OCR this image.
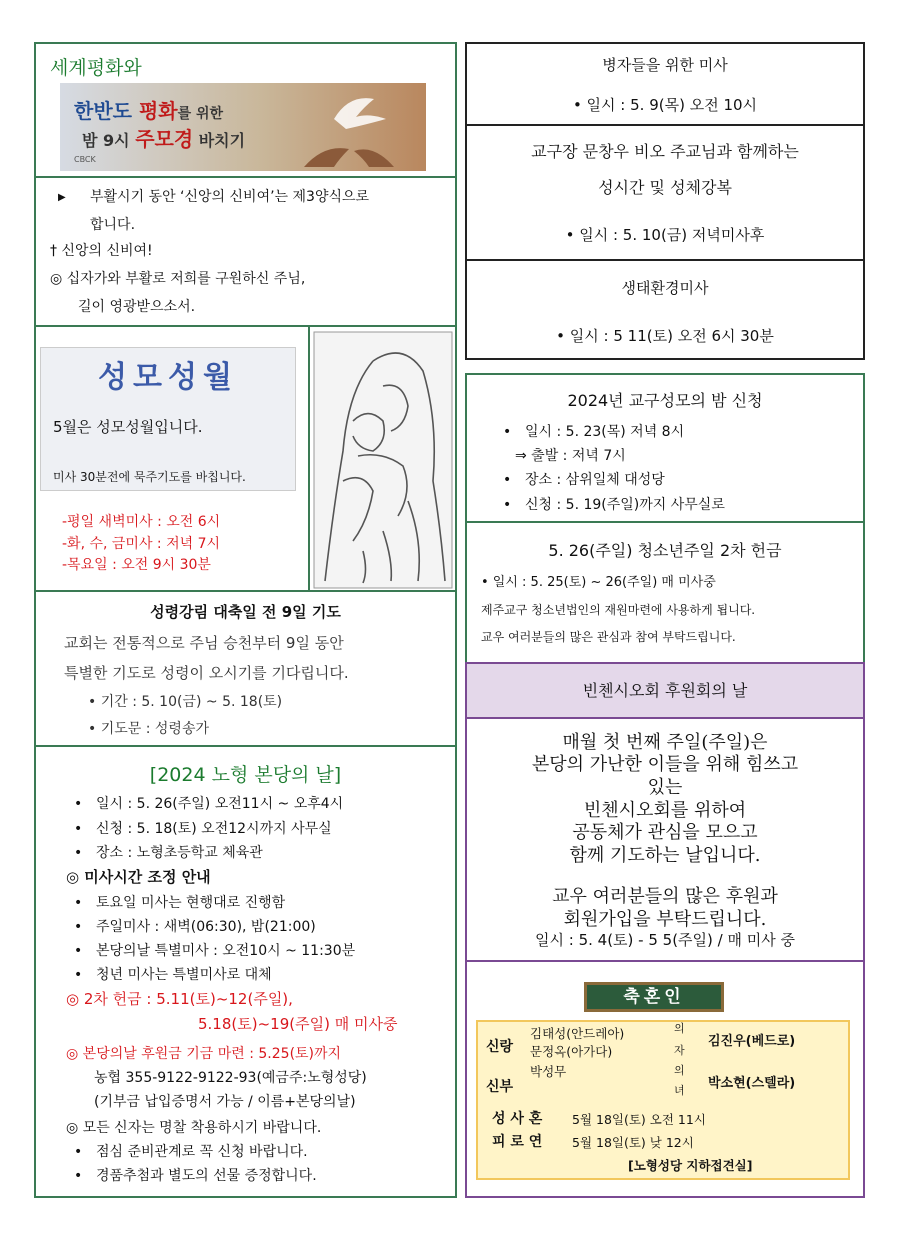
세계평화와
한반도 평화를 위한
밤 9시 주모경 바치기
CBCK
▶ 부활시기 동안 ‘신앙의 신비여’는 제3양식으로
합니다.
† 신앙의 신비여!
◎ 십자가와 부활로 저희를 구원하신 주님,
길이 영광받으소서.
성모성월
5월은 성모성월입니다.
미사 30분전에 묵주기도를 바칩니다.
-평일 새벽미사 : 오전 6시
-화, 수, 금미사 : 저녁 7시
-목요일 : 오전 9시 30분
성령강림 대축일 전 9일 기도
교회는 전통적으로 주님 승천부터 9일 동안
특별한 기도로 성령이 오시기를 기다립니다.
• 기간 : 5. 10(금) ~ 5. 18(토)
• 기도문 : 성령송가
[2024 노형 본당의 날]
• 일시 : 5. 26(주일) 오전11시 ~ 오후4시
• 신청 : 5. 18(토) 오전12시까지 사무실
• 장소 : 노형초등학교 체육관
◎ 미사시간 조정 안내
• 토요일 미사는 현행대로 진행함
• 주일미사 : 새벽(06:30), 밤(21:00)
• 본당의날 특별미사 : 오전10시 ~ 11:30분
• 청년 미사는 특별미사로 대체
◎ 2차 헌금 : 5.11(토)~12(주일),
5.18(토)~19(주일) 매 미사중
◎ 본당의날 후원금 기금 마련 : 5.25(토)까지
농협 355-9122-9122-93(예금주:노형성당)
(기부금 납입증명서 가능 / 이름+본당의날)
◎ 모든 신자는 명찰 착용하시기 바랍니다.
• 점심 준비관계로 꼭 신청 바랍니다.
• 경품추첨과 별도의 선물 증정합니다.
병자들을 위한 미사
• 일시 : 5. 9(목) 오전 10시
교구장 문창우 비오 주교님과 함께하는
성시간 및 성체강복
• 일시 : 5. 10(금) 저녁미사후
생태환경미사
• 일시 : 5 11(토) 오전 6시 30분
2024년 교구성모의 밤 신청
• 일시 : 5. 23(목) 저녁 8시
⇒ 출발 : 저녁 7시
• 장소 : 삼위일체 대성당
• 신청 : 5. 19(주일)까지 사무실로
5. 26(주일) 청소년주일 2차 헌금
• 일시 : 5. 25(토) ~ 26(주일) 매 미사중
제주교구 청소년법인의 재원마련에 사용하게 됩니다.
교우 여러분들의 많은 관심과 참여 부탁드립니다.
빈첸시오회 후원회의 날
매월 첫 번째 주일(주일)은
본당의 가난한 이들을 위해 힘쓰고
있는
빈첸시오회를 위하여
공동체가 관심을 모으고
함께 기도하는 날입니다.
교우 여러분들의 많은 후원과
회원가입을 부탁드립니다.
일시 : 5. 4(토) - 5 5(주일) / 매 미사 중
축혼인
신랑
신부
김태성(안드레아)
문정옥(아가다)
박성무
의
자
의
녀
김진우(베드로)
박소현(스텔라)
성 사 혼 5월 18일(토) 오전 11시
피 로 연 5월 18일(토) 낮 12시
[노형성당 지하접견실]
